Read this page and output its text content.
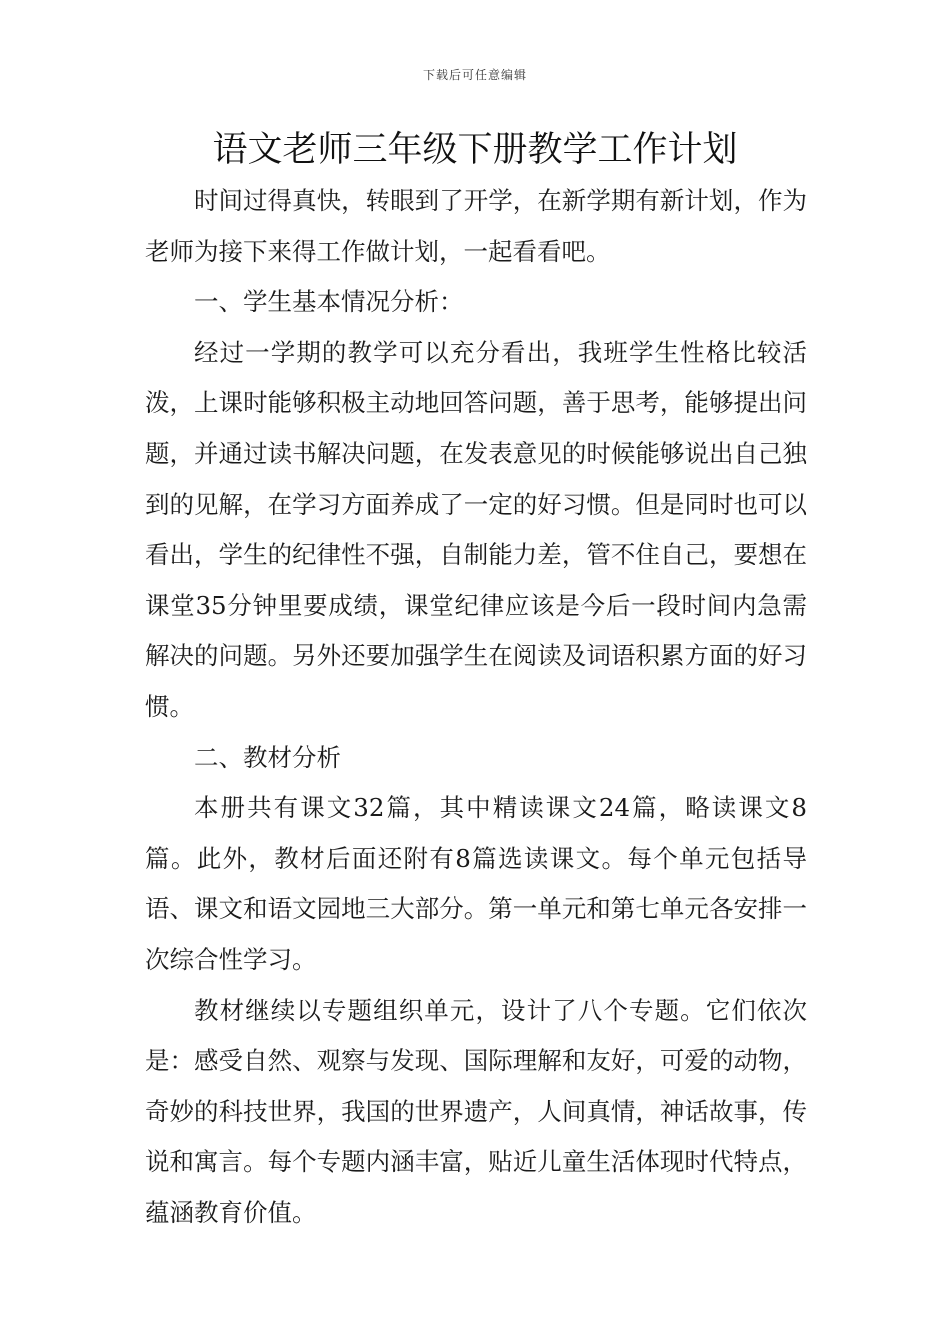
下载后可任意编辑
语文老师三年级下册教学工作计划

时间过得真快，转眼到了开学，在新学期有新计划，作为老师为接下来得工作做计划，一起看看吧。

一、学生基本情况分析：

经过一学期的教学可以充分看出，我班学生性格比较活泼，上课时能够积极主动地回答问题，善于思考，能够提出问题，并通过读书解决问题，在发表意见的时候能够说出自己独到的见解，在学习方面养成了一定的好习惯。但是同时也可以看出，学生的纪律性不强，自制能力差，管不住自己，要想在课堂35分钟里要成绩，课堂纪律应该是今后一段时间内急需解决的问题。另外还要加强学生在阅读及词语积累方面的好习惯。

二、教材分析

本册共有课文32篇，其中精读课文24篇，略读课文8篇。此外，教材后面还附有8篇选读课文。每个单元包括导语、课文和语文园地三大部分。第一单元和第七单元各安排一次综合性学习。

教材继续以专题组织单元，设计了八个专题。它们依次是：感受自然、观察与发现、国际理解和友好，可爱的动物，奇妙的科技世界，我国的世界遗产，人间真情，神话故事，传说和寓言。每个专题内涵丰富，贴近儿童生活体现时代特点，蕴涵教育价值。
